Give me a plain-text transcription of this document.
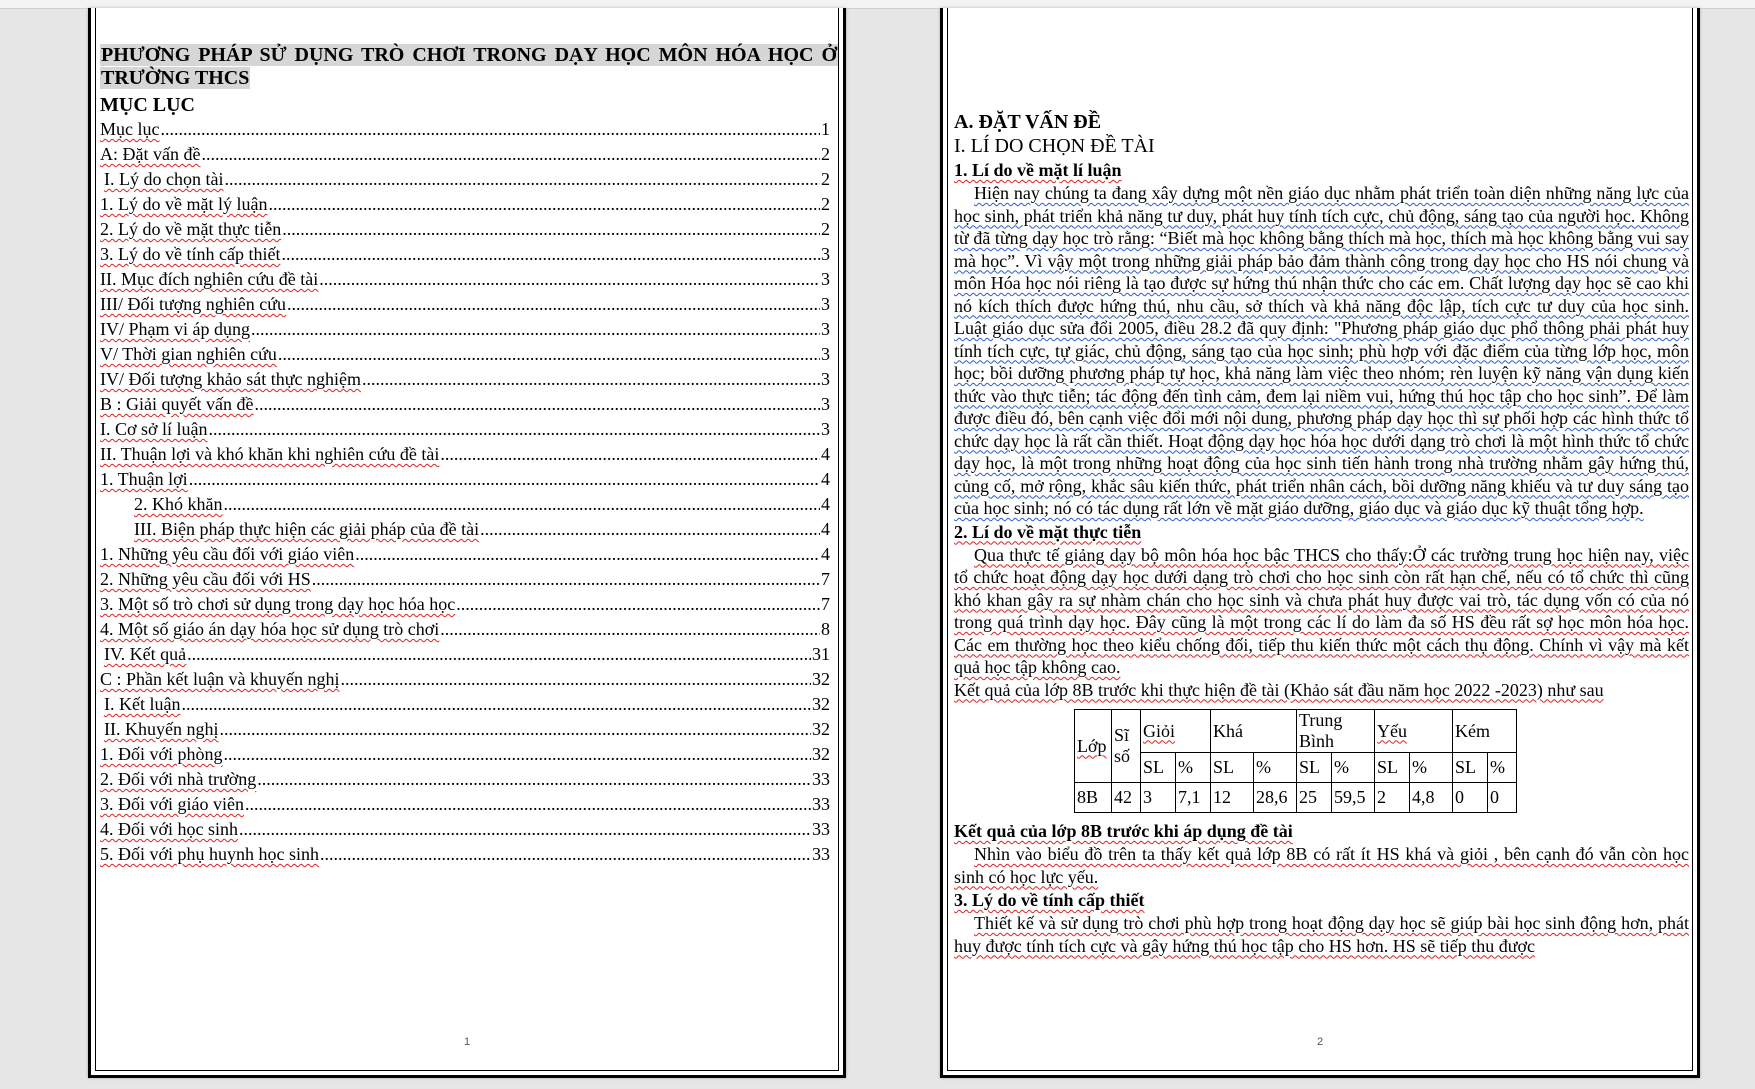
PHƯƠNG PHÁP SỬ DỤNG TRÒ CHƠI TRONG DẠY HỌC MÔN HÓA HỌC Ở TRƯỜNG THCS
MỤC LỤC
Mục lục .....	1
A: Đặt vấn đề .....	2
I. Lý do chọn tài .....	2
1. Lý do về mặt lý luận .....	2
2. Lý do về mặt thực tiễn .....	2
3. Lý do về tính cấp thiết .....	3
II. Mục đích nghiên cứu đề tài .....	3
III/ Đối tượng nghiên cứu .....	3
IV/ Phạm vi áp dụng .....	3
V/ Thời gian nghiên cứu .....	3
IV/ Đối tượng khảo sát thực nghiệm .....	3
B : Giải quyết vấn đề .....	3
I. Cơ sở lí luận .....	3
II. Thuận lợi và khó khăn khi nghiên cứu đề tài .....	4
1. Thuận lợi .....	4
2. Khó khăn .....	4
III. Biện pháp thực hiện các giải pháp của đề tài .....	4
1. Những yêu cầu đối với giáo viên .....	4
2. Những yêu cầu đối với HS .....	7
3. Một số trò chơi sử dụng trong dạy học hóa học .....	7
4. Một số giáo án dạy hóa học sử dụng trò chơi .....	8
IV. Kết quả .....	31
C : Phần kết luận và khuyến nghị .....	32
I. Kết luận .....	32
II. Khuyến nghị .....	32
1. Đối với phòng .....	32
2. Đối với nhà trường .....	33
3. Đối với giáo viên .....	33
4. Đối với học sinh .....	33
5. Đối với phụ huynh học sinh .....	33
1
A. ĐẶT VẤN ĐỀ
I. LÍ DO CHỌN ĐỀ TÀI
1. Lí do về mặt lí luận
Hiện nay chúng ta đang xây dựng một nền giáo dục nhằm phát triển toàn diện những năng lực của học sinh, phát triển khả năng tư duy, phát huy tính tích cực, chủ động, sáng tạo của người học. Không từ đã từng dạy học trò rằng: “Biết mà học không bằng thích mà học, thích mà học không bằng vui say mà học”. Vì vậy một trong những giải pháp bảo đảm thành công trong dạy học cho HS nói chung và môn Hóa học nói riêng là tạo được sự hứng thú nhận thức cho các em. Chất lượng dạy học sẽ cao khi nó kích thích được hứng thú, nhu cầu, sở thích và khả năng độc lập, tích cực tư duy của học sinh. Luật giáo dục sửa đổi 2005, điều 28.2 đã quy định: "Phương pháp giáo dục phổ thông phải phát huy tính tích cực, tự giác, chủ động, sáng tạo của học sinh; phù hợp với đặc điểm của từng lớp học, môn học; bồi dưỡng phương pháp tự học, khả năng làm việc theo nhóm; rèn luyện kỹ năng vận dụng kiến thức vào thực tiễn; tác động đến tình cảm, đem lại niềm vui, hứng thú học tập cho học sinh”. Để làm được điều đó, bên cạnh việc đổi mới nội dung, phương pháp dạy học thì sự phối hợp các hình thức tổ chức dạy học là rất cần thiết. Hoạt động dạy học hóa học dưới dạng trò chơi là một hình thức tổ chức dạy học, là một trong những hoạt động của học sinh tiến hành trong nhà trường nhằm gây hứng thú, củng cố, mở rộng, khắc sâu kiến thức, phát triển nhân cách, bồi dưỡng năng khiếu và tư duy sáng tạo của học sinh; nó có tác dụng rất lớn về mặt giáo dưỡng, giáo dục và giáo dục kỹ thuật tổng hợp.
2. Lí do về mặt thực tiễn
Qua thực tế giảng dạy bộ môn hóa học bậc THCS cho thấy:Ở các trường trung học hiện nay, việc tổ chức hoạt động dạy học dưới dạng trò chơi cho học sinh còn rất hạn chế, nếu có tổ chức thì cũng khó khan gây ra sự nhàm chán cho học sinh và chưa phát huy được vai trò, tác dụng vốn có của nó trong quá trình dạy học. Đây cũng là một trong các lí do làm đa số HS đều rất sợ học môn hóa học. Các em thường học theo kiểu chống đối, tiếp thu kiến thức một cách thụ động. Chính vì vậy mà kết quả học tập không cao.
Kết quả của lớp 8B trước khi thực hiện đề tài (Khảo sát đầu năm học 2022 -2023) như sau
Lớp	Sĩ số	Giỏi		Khá		Trung Bình		Yếu		Kém	
		SL	%	SL	%	SL	%	SL	%	SL	%
8B	42	3	7,1	12	28,6	25	59,5	2	4,8	0	0
Kết quả của lớp 8B trước khi áp dụng đề tài
Nhìn vào biểu đồ trên ta thấy kết quả lớp 8B có rất ít HS khá và giỏi , bên cạnh đó vẫn còn học sinh có học lực yếu.
3. Lý do về tính cấp thiết
Thiết kế và sử dụng trò chơi phù hợp trong hoạt động dạy học sẽ giúp bài học sinh động hơn, phát huy được tính tích cực và gây hứng thú học tập cho HS hơn. HS sẽ tiếp thu được
2
